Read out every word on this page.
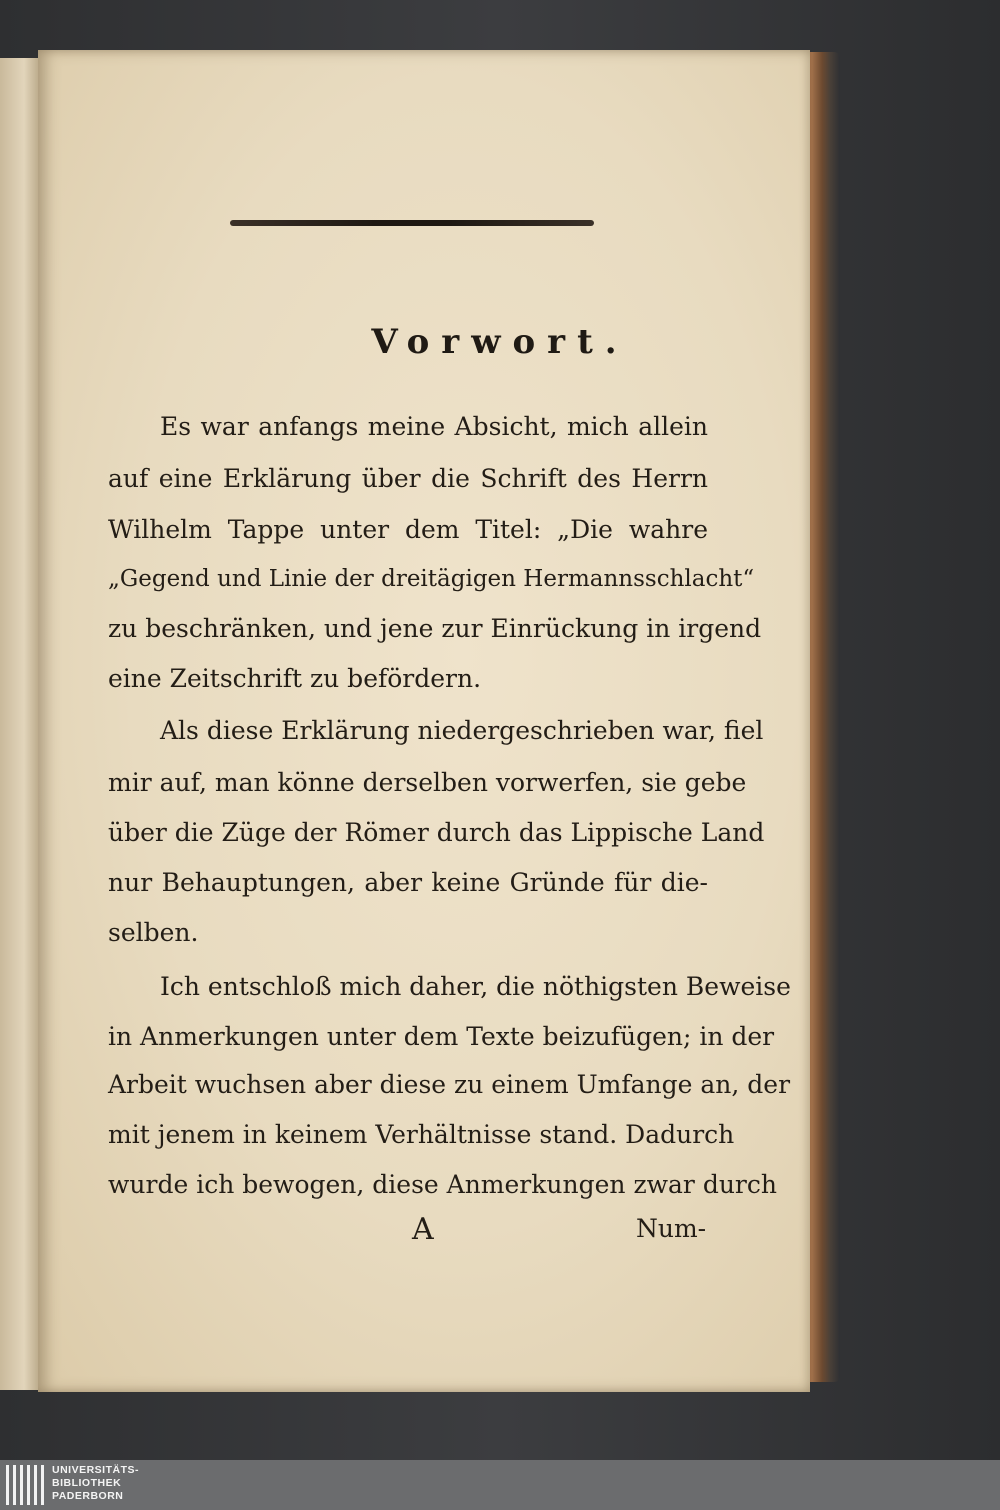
Vorwort.
Es war anfangs meine Absicht, mich allein
auf eine Erklärung über die Schrift des Herrn
Wilhelm Tappe unter dem Titel: „Die wahre
„Gegend und Linie der dreitägigen Hermannsschlacht“
zu beschränken, und jene zur Einrückung in irgend
eine Zeitschrift zu befördern.
Als diese Erklärung niedergeschrieben war, fiel
mir auf, man könne derselben vorwerfen, sie gebe
über die Züge der Römer durch das Lippische Land
nur Behauptungen, aber keine Gründe für die-
selben.
Ich entschloß mich daher, die nöthigsten Beweise
in Anmerkungen unter dem Texte beizufügen; in der
Arbeit wuchsen aber diese zu einem Umfange an, der
mit jenem in keinem Verhältnisse stand. Dadurch
wurde ich bewogen, diese Anmerkungen zwar durch
A	Num-
UNIVERSITÄTS-
BIBLIOTHEK
PADERBORN
